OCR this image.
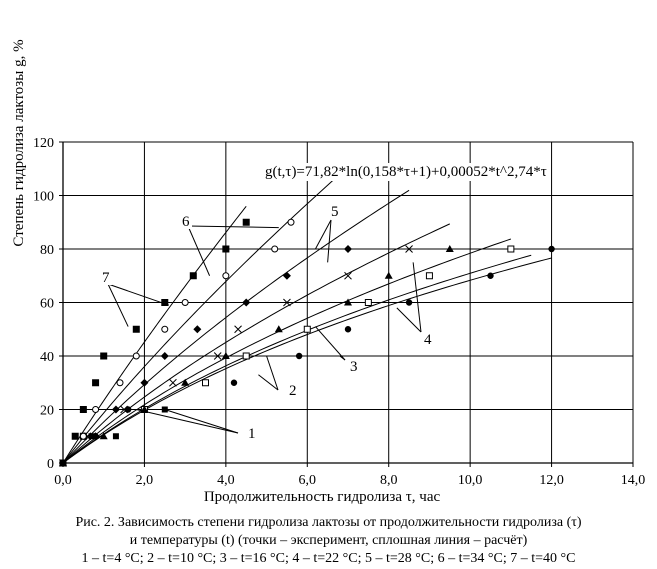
1
2
3
4
5
6
7
0,0	2,0	4,0	6,0	8,0	10,0	12,0	14,0
0
20
40
60
80
100
120
g(t,τ)=71,82*ln(0,158*τ+1)+0,00052*t^2,74*τ
Степень гидролиза лактозы g, %
Продолжительность гидролиза τ, час
Рис. 2. Зависимость степени гидролиза лактозы от продолжительности гидролиза (τ)
и температуры (t) (точки – эксперимент, сплошная линия – расчёт)
1 – t=4 °C; 2 – t=10 °C; 3 – t=16 °C; 4 – t=22 °C; 5 – t=28 °C; 6 – t=34 °C; 7 – t=40 °C
